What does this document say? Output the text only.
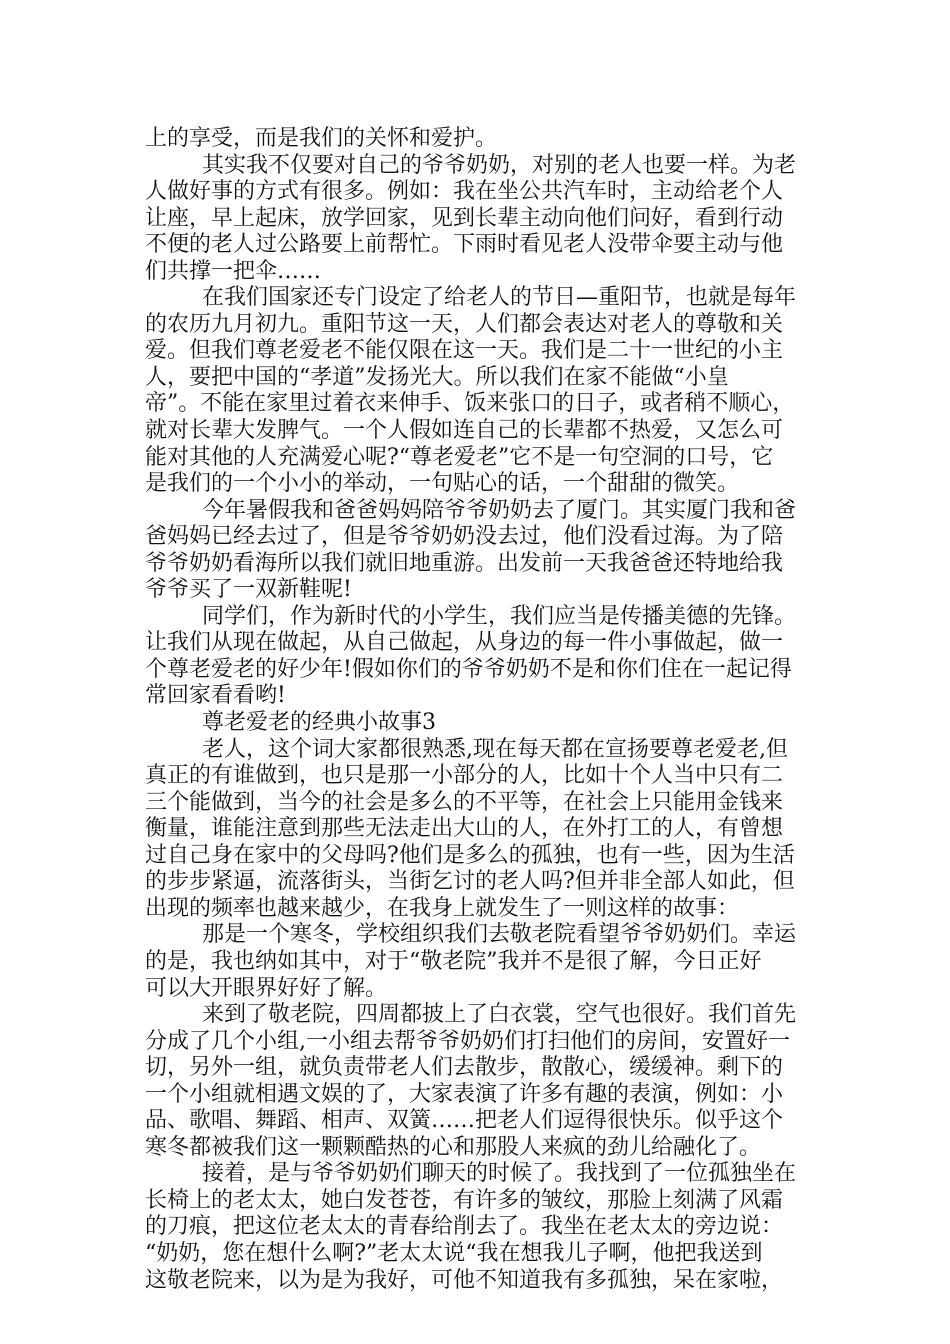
上的享受，而是我们的关怀和爱护。
其实我不仅要对自己的爷爷奶奶，对别的老人也要一样。为老
人做好事的方式有很多。例如：我在坐公共汽车时，主动给老个人
让座，早上起床，放学回家，见到长辈主动向他们问好，看到行动
不便的老人过公路要上前帮忙。下雨时看见老人没带伞要主动与他
们共撑一把伞……
在我们国家还专门设定了给老人的节日—重阳节，也就是每年
的农历九月初九。重阳节这一天，人们都会表达对老人的尊敬和关
爱。但我们尊老爱老不能仅限在这一天。我们是二十一世纪的小主
人，要把中国的“孝道”发扬光大。所以我们在家不能做“小皇
帝”。不能在家里过着衣来伸手、饭来张口的日子，或者稍不顺心，
就对长辈大发脾气。一个人假如连自己的长辈都不热爱，又怎么可
能对其他的人充满爱心呢?“尊老爱老”它不是一句空洞的口号，它
是我们的一个小小的举动，一句贴心的话，一个甜甜的微笑。
今年暑假我和爸爸妈妈陪爷爷奶奶去了厦门。其实厦门我和爸
爸妈妈已经去过了，但是爷爷奶奶没去过，他们没看过海。为了陪
爷爷奶奶看海所以我们就旧地重游。出发前一天我爸爸还特地给我
爷爷买了一双新鞋呢!
同学们，作为新时代的小学生，我们应当是传播美德的先锋。
让我们从现在做起，从自己做起，从身边的每一件小事做起，做一
个尊老爱老的好少年!假如你们的爷爷奶奶不是和你们住在一起记得
常回家看看哟!
尊老爱老的经典小故事3
老人，这个词大家都很熟悉,现在每天都在宣扬要尊老爱老,但
真正的有谁做到，也只是那一小部分的人，比如十个人当中只有二
三个能做到，当今的社会是多么的不平等，在社会上只能用金钱来
衡量，谁能注意到那些无法走出大山的人，在外打工的人，有曾想
过自己身在家中的父母吗?他们是多么的孤独，也有一些，因为生活
的步步紧逼，流落街头，当街乞讨的老人吗?但并非全部人如此，但
出现的频率也越来越少，在我身上就发生了一则这样的故事：
那是一个寒冬，学校组织我们去敬老院看望爷爷奶奶们。幸运
的是，我也纳如其中，对于“敬老院”我并不是很了解，今日正好
可以大开眼界好好了解。
来到了敬老院，四周都披上了白衣裳，空气也很好。我们首先
分成了几个小组,一小组去帮爷爷奶奶们打扫他们的房间，安置好一
切，另外一组，就负责带老人们去散步，散散心，缓缓神。剩下的
一个小组就相遇文娱的了，大家表演了许多有趣的表演，例如：小
品、歌唱、舞蹈、相声、双簧……把老人们逗得很快乐。似乎这个
寒冬都被我们这一颗颗酷热的心和那股人来疯的劲儿给融化了。
接着，是与爷爷奶奶们聊天的时候了。我找到了一位孤独坐在
长椅上的老太太，她白发苍苍，有许多的皱纹，那脸上刻满了风霜
的刀痕，把这位老太太的青春给削去了。我坐在老太太的旁边说：
“奶奶，您在想什么啊?”老太太说“我在想我儿子啊，他把我送到
这敬老院来，以为是为我好，可他不知道我有多孤独，呆在家啦，
